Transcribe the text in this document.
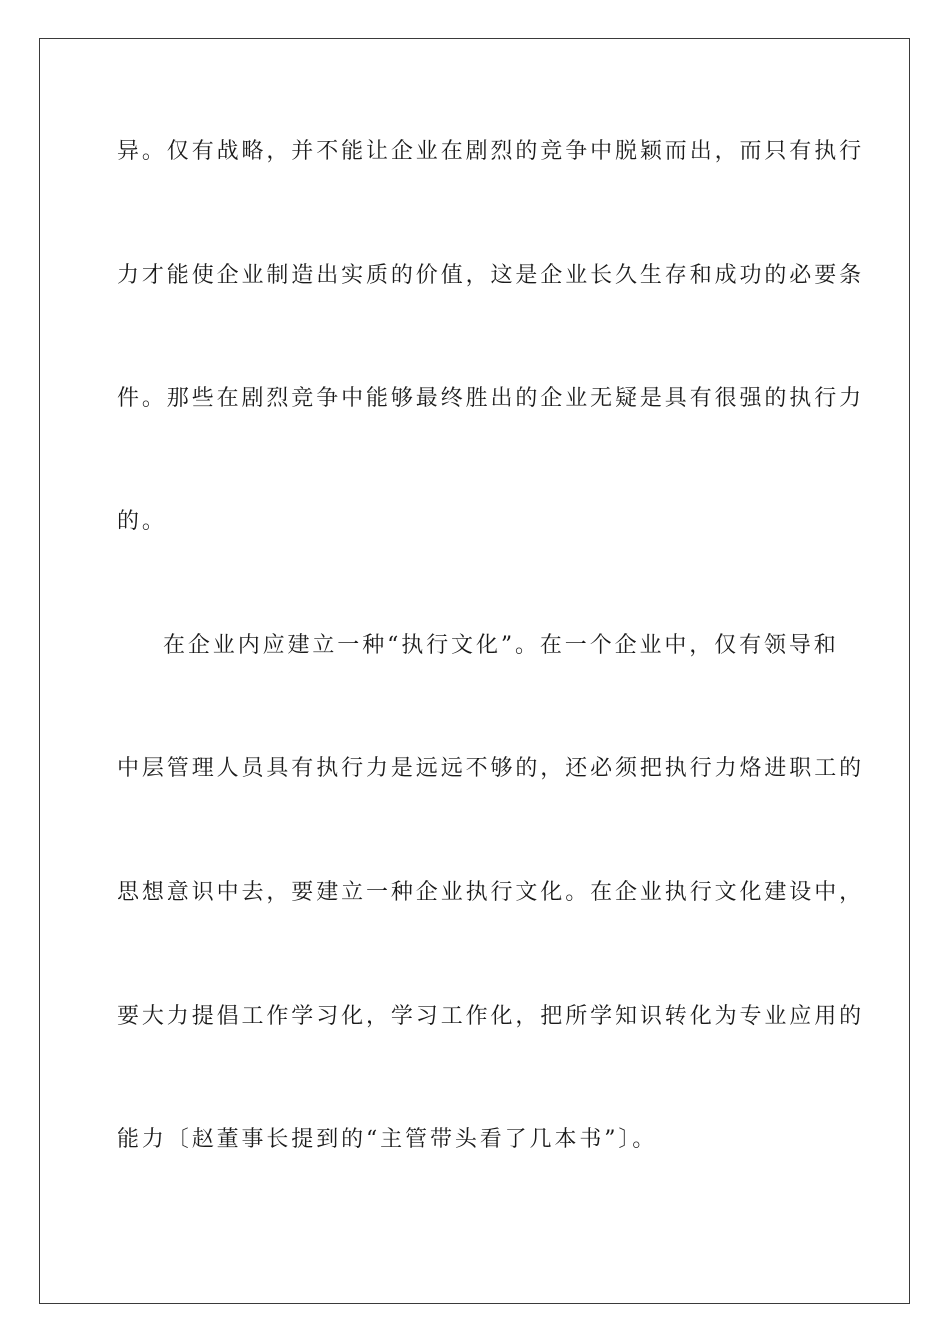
异。仅有战略，并不能让企业在剧烈的竞争中脱颖而出，而只有执行
力才能使企业制造出实质的价值，这是企业长久生存和成功的必要条
件。那些在剧烈竞争中能够最终胜出的企业无疑是具有很强的执行力
的。
在企业内应建立一种“执行文化”。在一个企业中，仅有领导和
中层管理人员具有执行力是远远不够的，还必须把执行力烙进职工的
思想意识中去，要建立一种企业执行文化。在企业执行文化建设中，
要大力提倡工作学习化，学习工作化，把所学知识转化为专业应用的
能力〔赵董事长提到的“主管带头看了几本书”〕。
